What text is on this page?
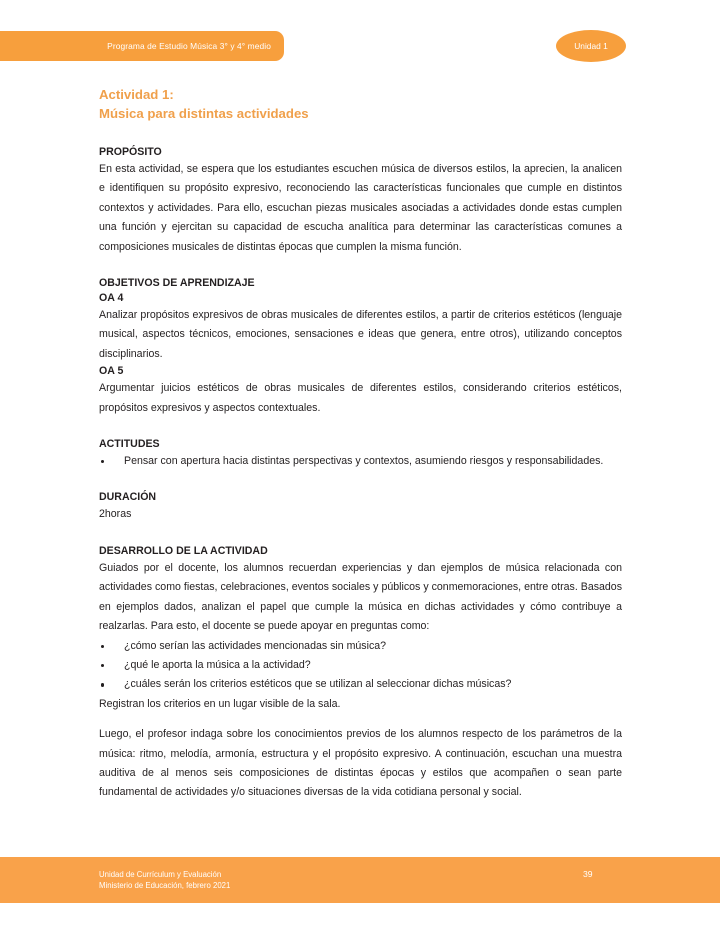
Programa de Estudio Música 3° y 4° medio	Unidad 1
Actividad 1:
Música para distintas actividades
PROPÓSITO

En esta actividad, se espera que los estudiantes escuchen música de diversos estilos, la aprecien, la analicen e identifiquen su propósito expresivo, reconociendo las características funcionales que cumple en distintos contextos y actividades. Para ello, escuchan piezas musicales asociadas a actividades donde estas cumplen una función y ejercitan su capacidad de escucha analítica para determinar las características comunes a composiciones musicales de distintas épocas que cumplen la misma función.

OBJETIVOS DE APRENDIZAJE
OA 4

Analizar propósitos expresivos de obras musicales de diferentes estilos, a partir de criterios estéticos (lenguaje musical, aspectos técnicos, emociones, sensaciones e ideas que genera, entre otros), utilizando conceptos disciplinarios.

OA 5

Argumentar juicios estéticos de obras musicales de diferentes estilos, considerando criterios estéticos, propósitos expresivos y aspectos contextuales.

ACTITUDES
Pensar con apertura hacia distintas perspectivas y contextos, asumiendo riesgos y responsabilidades.
DURACIÓN

2horas

DESARROLLO DE LA ACTIVIDAD

Guiados por el docente, los alumnos recuerdan experiencias y dan ejemplos de música relacionada con actividades como fiestas, celebraciones, eventos sociales y públicos y conmemoraciones, entre otras. Basados en ejemplos dados, analizan el papel que cumple la música en dichas actividades y cómo contribuye a realzarlas. Para esto, el docente se puede apoyar en preguntas como:

¿cómo serían las actividades mencionadas sin música?
¿qué le aporta la música a la actividad?
¿cuáles serán los criterios estéticos que se utilizan al seleccionar dichas músicas?

Registran los criterios en un lugar visible de la sala.

Luego, el profesor indaga sobre los conocimientos previos de los alumnos respecto de los parámetros de la música: ritmo, melodía, armonía, estructura y el propósito expresivo. A continuación, escuchan una muestra auditiva de al menos seis composiciones de distintas épocas y estilos que acompañen o sean parte fundamental de actividades y/o situaciones diversas de la vida cotidiana personal y social.

Unidad de Currículum y Evaluación
Ministerio de Educación, febrero 2021
39
